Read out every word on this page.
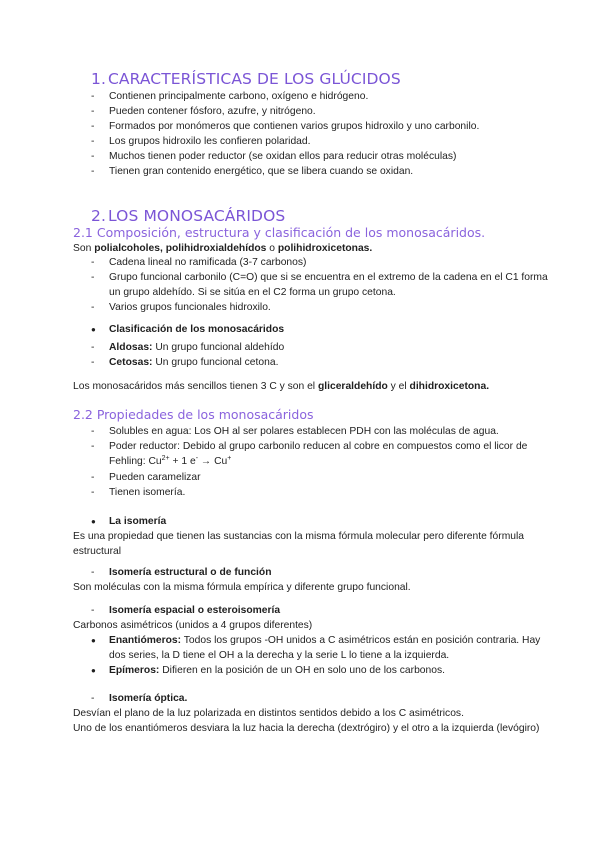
1. CARACTERÍSTICAS DE LOS GLÚCIDOS
- Contienen principalmente carbono, oxígeno e hidrógeno.
- Pueden contener fósforo, azufre, y nitrógeno.
- Formados por monómeros que contienen varios grupos hidroxilo y uno carbonilo.
- Los grupos hidroxilo les confieren polaridad.
- Muchos tienen poder reductor (se oxidan ellos para reducir otras moléculas)
- Tienen gran contenido energético, que se libera cuando se oxidan.
2. LOS MONOSACÁRIDOS
2.1 Composición, estructura y clasificación de los monosacáridos.
Son polialcoholes, polihidroxialdehídos o polihidroxicetonas.
- Cadena lineal no ramificada (3-7 carbonos)
- Grupo funcional carbonilo (C=O) que si se encuentra en el extremo de la cadena en el C1 forma
un grupo aldehído. Si se sitúa en el C2 forma un grupo cetona.
- Varios grupos funcionales hidroxilo.
● Clasificación de los monosacáridos
- Aldosas: Un grupo funcional aldehído
- Cetosas: Un grupo funcional cetona.
Los monosacáridos más sencillos tienen 3 C y son el gliceraldehído y el dihidroxicetona.
2.2 Propiedades de los monosacáridos
- Solubles en agua: Los OH al ser polares establecen PDH con las moléculas de agua.
- Poder reductor: Debido al grupo carbonilo reducen al cobre en compuestos como el licor de
Fehling: $Cu^{2+} + 1$ e- → Cu+
- Pueden caramelizar
- Tienen isomería.
● La isomería
Es una propiedad que tienen las sustancias con la misma fórmula molecular pero diferente fórmula
estructural
- Isomería estructural o de función
Son moléculas con la misma fórmula empírica y diferente grupo funcional.
- Isomería espacial o esteroisomería
Carbonos asimétricos (unidos a 4 grupos diferentes)
● Enantiómeros: Todos los grupos -OH unidos a C asimétricos están en posición contraria. Hay
dos series, la D tiene el OH a la derecha y la serie L lo tiene a la izquierda.
● Epímeros: Difieren en la posición de un OH en solo uno de los carbonos.
- Isomería óptica.
Desvían el plano de la luz polarizada en distintos sentidos debido a los C asimétricos.
Uno de los enantiómeros desviara la luz hacia la derecha (dextrógiro) y el otro a la izquierda (levógiro)
